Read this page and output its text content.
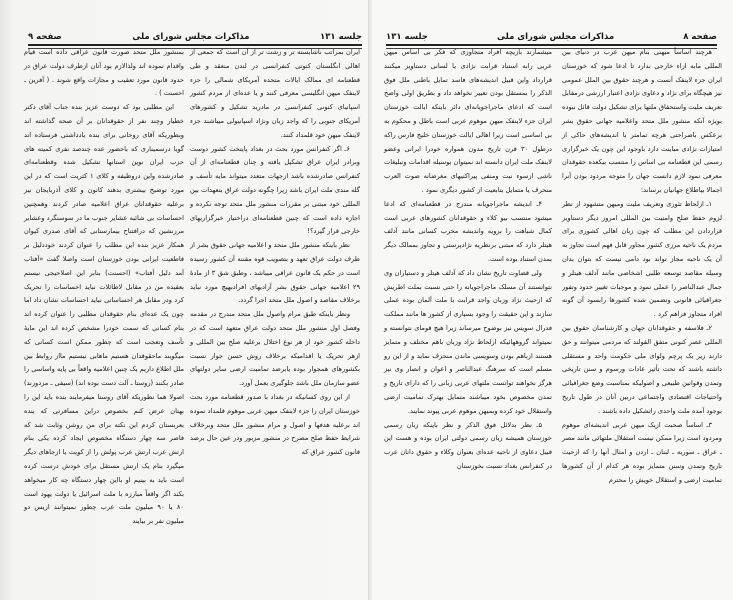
صفحه ۹	مذاکرات مجلس شورای ملی	جلسه ۱۳۱

ایران بمراتب ناشایسته تر و زشت تر از آن است که جمعی از اهالی انگلستان کنوتی کنفرانسی در لندن منعقد و طی قطعنامه ای ممالک ایالات متحده آمریکای شمالی را جزء لاینفک میهن انگلیسی معرفی کنند و یا عده‌ای از مردم کشور اسپانیای کنونی کنفرانسی در مادرید تشکیل و کشورهای آمریکای جنوبی را که واجد زبان ونژاد اسپانیولی میباشند جزء لاینفک میهن خود قلمداد کنند.

۶ـ اگر کنفرانس مورد بحث در بغداد پایتخت کشور دوست وبرادر ایران عراق تشکیل یافته و چنان قطعنامه‌ای از آن کنفرانس صادرشده باشد ازجهات متعدد میتواند مایه تأسف و گله مندی ملت ایران باشد زیرا چگونه دولت عراق بتعهدات بین المللی خود مبتنی بر مقررات منشور ملل متحد توجه نکرده و اجازه داده است که چنین قطعنامه‌ای دراختیار خبرگزاریهای خارجی قرار گیرد؟!

نظر باینکه منشور ملل متحد و اعلامیه جهانی حقوق بشر از طرف دولت عراق تعهد و بتصویب قوه مقننه آن کشور رسیده است در حکم یک قانون عراقی میباشد ، وطبق شق ۳ از مادهٔ ۲۹ اعلامیه جهانی حقوق بشر آزادیهای افرادبهیچ مورد نباید برخلاف مقاصد و اصول ملل متحد اجرا گردد.

ونظر باینکه طبق مرام واصول ملل متحد مندرج در مقدمه وفصل اول منشور ملل متحد دولت عراق متعهد است که در داخله کشور خود از هر نوع اختلال برعلیه صلح بین المللی و ازهر تحریک یا اقدامیکه برخلاف روش حسن جوار نسبت بکشورهای همجوار بوده یابرضد تمامیت ارضی سایر دولتهای عضو سازمان ملل باشد جلوگیری بعمل آورد.

از این روی کسانیکه در بغداد با صدور قطعنامه مورد بحث خوزستان ایران را جزء لاینفک میهن عربی موهوم قلمداد نموده اند برعلیه هدفها و اصول و مرام منشور ملل متحد وبرخلاف شرایط حفظ صلح مصرح در منشور مزبور ودر عین حال برضد قانون کشور عراق که

بمنشور ملل متحد صورت قانون عراقی داده است قیام واقدام نموده اند ولذالازم بود آنان ازطرف دولت عراق در حدود قانون مورد تعقیب و مجازات واقع شوند . ( آفرین ـ احسنت ) .

این مطلبی بود که دوست عزیز بنده جناب آقای دکتر خطیار وچند نفر از حقوقدانان بر آن صحه گذاشته اند وبطوریکه آقای روحانی برای بنده یادداشتی فرستاده اند گویا درسمیناری که باحضور عده چندصد نفری کمیته های حزب ایران نوین استانها تشکیل شده وقطعنامه‌ای صادرشده واین دروظیفه و کلای ۱ کثریت است که در این مورد توضیح بیشتری بدهند کانون و کلای آذربایجان نیز برعلیه حقوقدانان عراق اعلامیه صادر کردند وهمچنین احساسات بی شائبه عشایر جنوب ما در سوسنگرد وعشایر مرزنشین که درافتتاح بیمارستانی که آقای صدری کیوان همکار عزیز بنده این مطلب را عنوان کردند خوددلیل بر قاطعیت ایرانی بودن خوزستان است واصلا گفت «آفتاب آمد دلیل آفتاب» (احسنت) بنابر این اصلاحیجی نیستم بعقیده من در مقابل لاطائلات نباید احساسات را تحریک کرد ودر مقابل هر احساساتی نباید احساسات نشان داد اما چون یک عده‌ای بنام حقوقدان مطلبی را عنوان کرده اند بنام کسانی که سمت خودرا مشخص کرده اند این مایهٔ تأسف وتعجب است که چطور ممکن است کسانی که میگویند ماحقوقدان هستیم ماهابی نیستیم مااز روابط بین ملل اطلاع داریم یک چنین اعلامیه واقعاً بی پایه واساسی را صادر بکنند (روستا ـ آلت دست بوده اند) (سیفی ـ مزدورند) اصولا هما نطوریکه آقای روستا میفرمایند بنده باید این را بهتان عرض کنم بخصوص دراین مسافرتی که بنده بعربستان کردم این نکته برای من روشن وثابت شد که فاصر سه چهار دستگاه مخصوص ایجاد کرده یکی بنام ارتش عرب ارتش عرب پولش را از کویت یا ازجاهای دیگر میگیرد بنام یک ارتش مستقل برای خودش درست کرده است باید به بینیم او بااین چهار دستگاه چه کار میخواهد بکند اگر واقعاً مبارزه با ملت اسرائیل یا دولت یهود است ۸۰ یا ۹۰ میلیون ملت عرب چطور نمیتوانند ازیس دو میلیون نفر بر بیایند

جلسه ۱۳۱	مذاکرات مجلس شورای ملی	صفحه ۸

هرچند اساساً میهنی بنام میهن عرب در دنیای بین المللی مابه ازاء خارجی ندارد تا ادعا شود که خوزستان ایران جزء لاینفک آنست و هرچند حقوق بین الملل عمومی نیز هیچگاه برای نژاد و دعاوی نژادی اعتبار ارزشی درمقابل تعریف ملیت واستحقاق ملتها برای تشکیل دولت قائل نبوده بویژه آنکه منشور ملل متحد واعلامیه جهانی حقوق بشر برعکس باصراحتی هرچه تمامتر با اندیشه‌های حاکی از امتیازات نژادی مباینت دارد باوجود این چون یک خبرگزاری رسمی این قطعنامه بی اساس را منتسب بیکعده حقوقدان معرفی نمود لازم دانست جهان را متوجه مردود بودن آنرا اجمالا بیاطلاع جهانیان برساند:

۱ـ ازلحاظ تئوری وتعریف ملیت ومیهن متشهود از نظر لزوم حفظ صلح وامنیت بین المللی امروز دیگر دستاویز قراردادن این مطلب که چون زبان اهالی کشوری برای مردم یک ناحیه مرزی کشور مجاور قابل فهم است تجاوز به آن یک ناحیه مجاز تواند بود دامی نیست که بتوان بدان وسیله مقاصد توسعه طلبی اشخاصی مانند آدلف هیتلر و جمال عبدالناصر را عملی نمود و موجبات تغییر حدود وتفور جغرافیائی قانونی وتضمین شده کشورها رابسود آن گونه افراد متجاوز فراهم کرد .

۲ـ فلاسفه و حقوقدانان جهان و کارشناسان حقوق بین المللی عصر کنونی متفق القولند که مردمی میتوانند و حق دارند زیر یک پرچم ولوای ملی حکومت واحد و مستقلی داشته باشند که تحت تأثیر عادات ورسوم و سنن تاریخی وتمدن وقوانین طبیعی و اصولیکه بمناسبت وضع جغرافیائی واحتیاجات اقتصادی واجتماعی دربین آنان در طول تاریخ بوجود آمده ملت واحدی راتشکیل داده باشند .

۳ـ اساساً صحبت ازیک میهن عربی اندیشه‌ای موهوم ومردود است زیرا ممکن نیست استقلال ملتهائی مانند مصر ـ عراق ـ سوریه ـ لبنان ـ اردن و امثال آنها را که ازحیث تاریخ وتمدن وسنن متمایز بوده هر کدام از آن کشورها تمامیت ارضی و استقلال خویش را محترم

میشمارند بازیچه افراد متجاوزی که فکر بی اساس میهن عربی رابه استناد قرابت نژادی یا لسانی دستاویز میکنند قرارداد واین قبیل اندیشه‌های فاسد تمایل باطنی ملل فوق الذکر را بمستقل بودن تغییر نخواهد داد و بطریق اولی واضح است که ادعای ماجراجویانه‌ای دائر باینکه ایالت خوزستان ایران جزء لاینفک میهن موهوم عربی است باطل و محکوم به بی اساسی است زیرا اهالی ایالت خوزستان خلیج فارس راکه درطول ۳۰ قرن تاریخ مدون همواره خودرا ایرانی وعضو لاینفک ملت ایران دانسته اند نمیتوان بوسیله اقدامات وتبلیغات ناشی ازسوء نیت ومنفی پیراکنیهای مغرضانه صوت العرب منحرف یا متمایل بتابعیت از کشور دیگری نمود .

۴ـ اندیشه ماجراجویانه مندرج در قطعنامه‌ای که ادعا میشود منتسب بیو کلاء و حقوقدانان کشورهای عربی است کمال شباهت را برویه واندیشه مخرب کسانی مانند آدلف هیتلر دارد که مبتنی برنظریه نژادپرستی و تجاوز بممالک دیگر بمدن استناد بوده است.

ولی قضاوت تاریخ نشان داد که آدلف هیتلر و دستیاران وی نتوانستند آن مسلک ماجراجویانه را حتی نسبت بملت اطریش که ازحیث نژاد وزبان واجد قرابت با ملت آلمان بوده عملی سازند و این حقیقت را وجود بسیاری از کشور ها مانند مملکت فدرال سویس نیز بوضوح میرساند زیرا هیچ قومای نتوانسته و نمیتواند گروههائیکه ازلحاظ نژاد وزبان باهم مختلف و متمایز هستند ازباهم بودن وسویسی ماندن منحرف نماید و از این رو مسلم است که سرهنگ عبدالناصر و اعوان و انصار وی نیز هرگز نخواهند توانست ملتهای عربی زبانی را که دارای تاریخ و تمدن مخصوص بخود میباشند متمایل بهترک تمامیت ارضی واستقلال خود کرده وبمیهن موهوم عربی پیوند نمایند.

۵ـ نظر بدلائل فوق الذکر و نظر باینکه زبان رسمی خوزستان همیشه زبان رسمی دولتی ایران بوده و هست این قبیل دعاوی از ناحیه عده‌ای بعنوان وکلاء و حقوق دانان عرب در کنفرانس بغداد نسبت بخوزستان
